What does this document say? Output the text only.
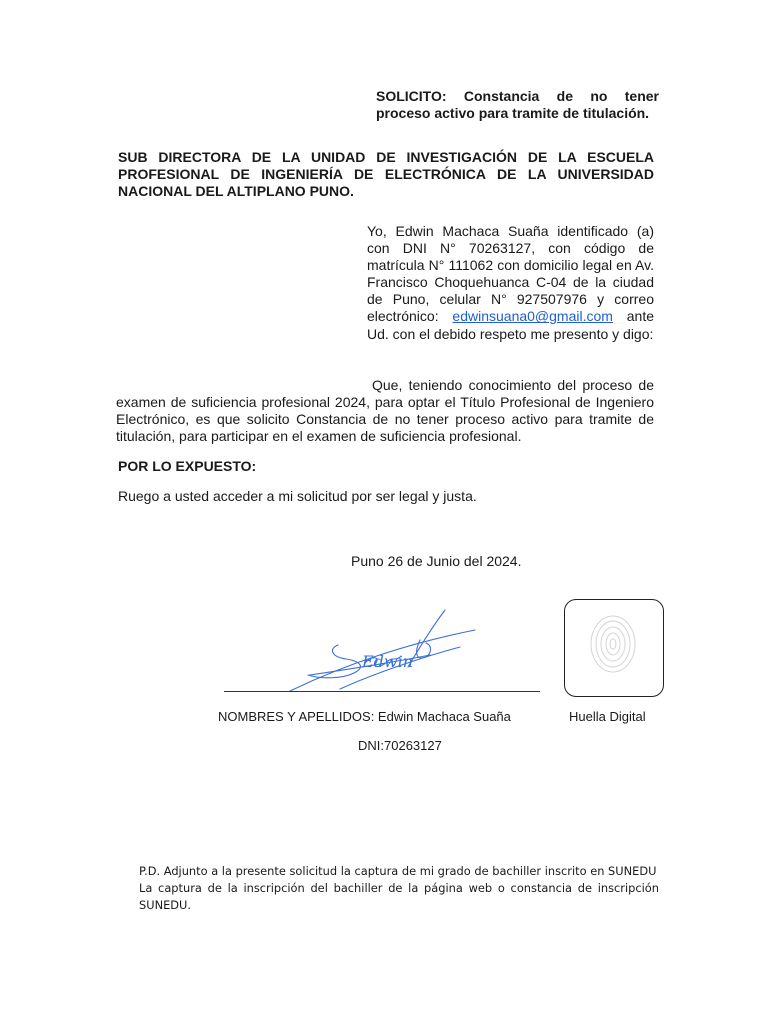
SOLICITO: Constancia de no tener proceso activo para tramite de titulación.
SUB DIRECTORA DE LA UNIDAD DE INVESTIGACIÓN DE LA ESCUELA PROFESIONAL DE INGENIERÍA DE ELECTRÓNICA DE LA UNIVERSIDAD NACIONAL DEL ALTIPLANO PUNO.
Yo, Edwin Machaca Suaña identificado (a) con DNI N° 70263127, con código de matrícula N° 111062 con domicilio legal en Av. Francisco Choquehuanca C-04 de la ciudad de Puno, celular N° 927507976 y correo electrónico: edwinsuana0@gmail.com ante Ud. con el debido respeto me presento y digo:
Que, teniendo conocimiento del proceso de examen de suficiencia profesional 2024, para optar el Título Profesional de Ingeniero Electrónico, es que solicito Constancia de no tener proceso activo para tramite de titulación, para participar en el examen de suficiencia profesional.
POR LO EXPUESTO:
Ruego a usted acceder a mi solicitud por ser legal y justa.
Puno 26 de Junio del 2024.
Edwin
NOMBRES Y APELLIDOS: Edwin Machaca Suaña
DNI:70263127
Huella Digital
P.D. Adjunto a la presente solicitud la captura de mi grado de bachiller inscrito en SUNEDU
La captura de la inscripción del bachiller de la página web o constancia de inscripción SUNEDU.
